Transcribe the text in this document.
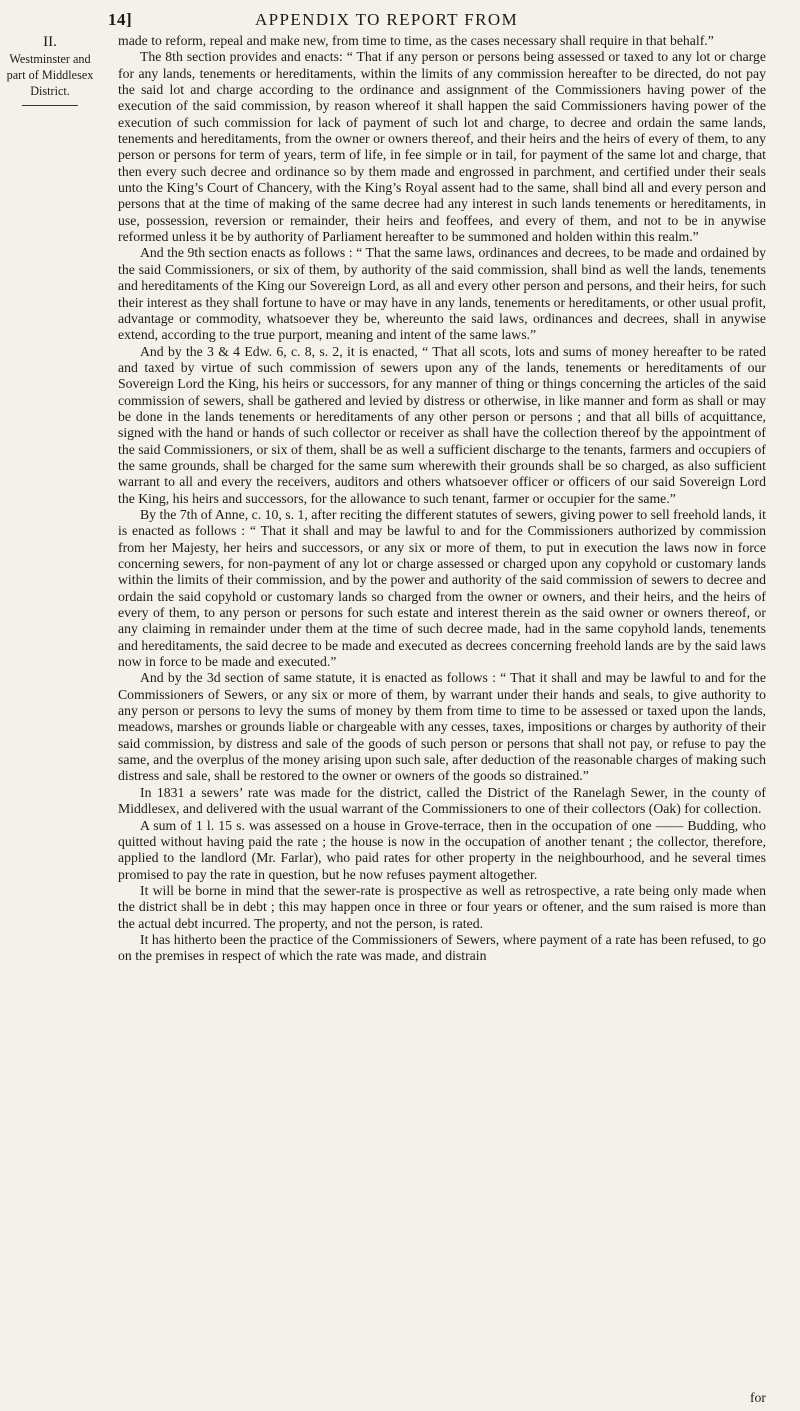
14]	APPENDIX TO REPORT FROM
II.
Westminster and
part of Middlesex
District.

made to reform, repeal and make new, from time to time, as the cases necessary shall require in that behalf.”

The 8th section provides and enacts: “ That if any person or persons being assessed or taxed to any lot or charge for any lands, tenements or hereditaments, within the limits of any commission hereafter to be directed, do not pay the said lot and charge according to the ordinance and assignment of the Commissioners having power of the execution of the said commission, by reason whereof it shall happen the said Commissioners having power of the execution of such commission for lack of payment of such lot and charge, to decree and ordain the same lands, tenements and hereditaments, from the owner or owners thereof, and their heirs and the heirs of every of them, to any person or persons for term of years, term of life, in fee simple or in tail, for payment of the same lot and charge, that then every such decree and ordinance so by them made and engrossed in parchment, and certified under their seals unto the King’s Court of Chancery, with the King’s Royal assent had to the same, shall bind all and every person and persons that at the time of making of the same decree had any interest in such lands tenements or hereditaments, in use, possession, reversion or remainder, their heirs and feoffees, and every of them, and not to be in anywise reformed unless it be by authority of Parliament hereafter to be summoned and holden within this realm.”

And the 9th section enacts as follows : “ That the same laws, ordinances and decrees, to be made and ordained by the said Commissioners, or six of them, by authority of the said commission, shall bind as well the lands, tenements and hereditaments of the King our Sovereign Lord, as all and every other person and persons, and their heirs, for such their interest as they shall fortune to have or may have in any lands, tenements or hereditaments, or other usual profit, advantage or commodity, whatsoever they be, whereunto the said laws, ordinances and decrees, shall in anywise extend, according to the true purport, meaning and intent of the same laws.”

And by the 3 & 4 Edw. 6, c. 8, s. 2, it is enacted, “ That all scots, lots and sums of money hereafter to be rated and taxed by virtue of such commission of sewers upon any of the lands, tenements or hereditaments of our Sovereign Lord the King, his heirs or successors, for any manner of thing or things concerning the articles of the said commission of sewers, shall be gathered and levied by distress or otherwise, in like manner and form as shall or may be done in the lands tenements or hereditaments of any other person or persons ; and that all bills of acquittance, signed with the hand or hands of such collector or receiver as shall have the collection thereof by the appointment of the said Commissioners, or six of them, shall be as well a sufficient discharge to the tenants, farmers and occupiers of the same grounds, shall be charged for the same sum wherewith their grounds shall be so charged, as also sufficient warrant to all and every the receivers, auditors and others whatsoever officer or officers of our said Sovereign Lord the King, his heirs and successors, for the allowance to such tenant, farmer or occupier for the same.”

By the 7th of Anne, c. 10, s. 1, after reciting the different statutes of sewers, giving power to sell freehold lands, it is enacted as follows : “ That it shall and may be lawful to and for the Commissioners authorized by commission from her Majesty, her heirs and successors, or any six or more of them, to put in execution the laws now in force concerning sewers, for non-payment of any lot or charge assessed or charged upon any copyhold or customary lands within the limits of their commission, and by the power and authority of the said commission of sewers to decree and ordain the said copyhold or customary lands so charged from the owner or owners, and their heirs, and the heirs of every of them, to any person or persons for such estate and interest therein as the said owner or owners thereof, or any claiming in remainder under them at the time of such decree made, had in the same copyhold lands, tenements and hereditaments, the said decree to be made and executed as decrees concerning freehold lands are by the said laws now in force to be made and executed.”

And by the 3d section of same statute, it is enacted as follows : “ That it shall and may be lawful to and for the Commissioners of Sewers, or any six or more of them, by warrant under their hands and seals, to give authority to any person or persons to levy the sums of money by them from time to time to be assessed or taxed upon the lands, meadows, marshes or grounds liable or chargeable with any cesses, taxes, impositions or charges by authority of their said commission, by distress and sale of the goods of such person or persons that shall not pay, or refuse to pay the same, and the overplus of the money arising upon such sale, after deduction of the reasonable charges of making such distress and sale, shall be restored to the owner or owners of the goods so distrained.”

In 1831 a sewers’ rate was made for the district, called the District of the Ranelagh Sewer, in the county of Middlesex, and delivered with the usual warrant of the Commissioners to one of their collectors (Oak) for collection.

A sum of 1 l. 15 s. was assessed on a house in Grove-terrace, then in the occupation of one —— Budding, who quitted without having paid the rate ; the house is now in the occupation of another tenant ; the collector, therefore, applied to the landlord (Mr. Farlar), who paid rates for other property in the neighbourhood, and he several times promised to pay the rate in question, but he now refuses payment altogether.

It will be borne in mind that the sewer-rate is prospective as well as retrospective, a rate being only made when the district shall be in debt ; this may happen once in three or four years or oftener, and the sum raised is more than the actual debt incurred. The property, and not the person, is rated.

It has hitherto been the practice of the Commissioners of Sewers, where payment of a rate has been refused, to go on the premises in respect of which the rate was made, and distrain

for
